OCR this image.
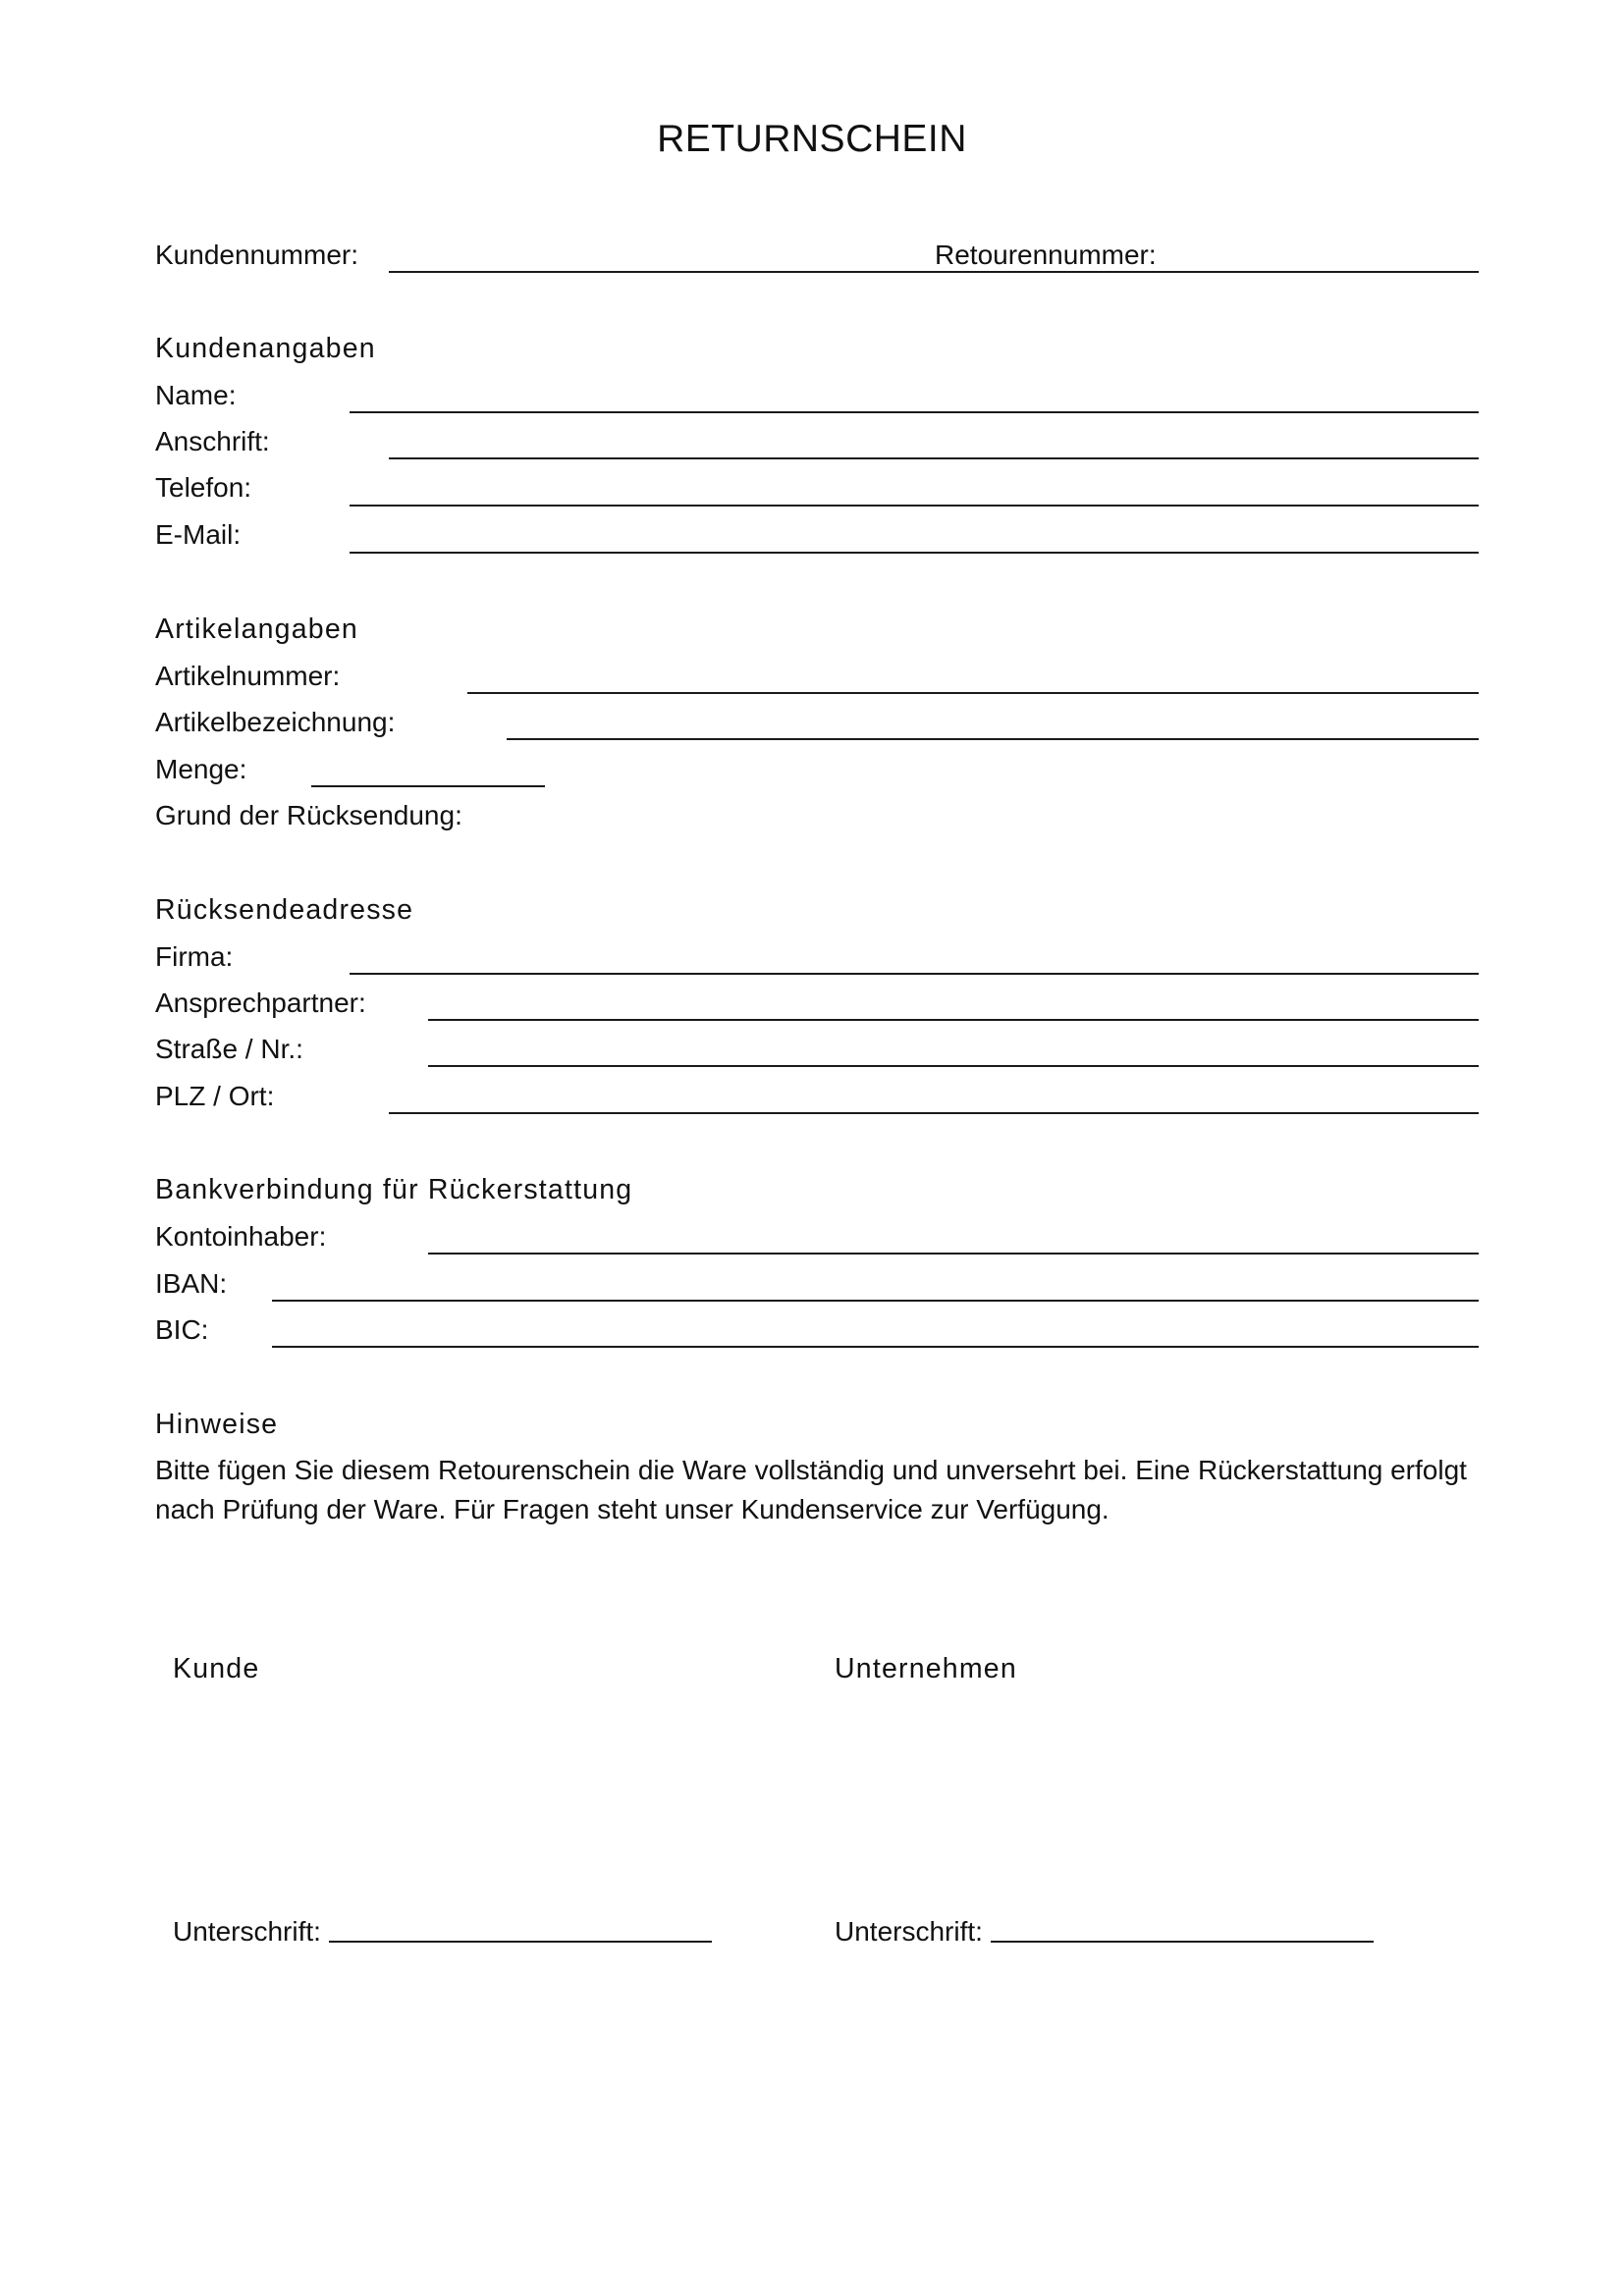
RETURNSCHEIN
Kundennummer:	Retourennummer:
Kundenangaben
Name:
Anschrift:
Telefon:
E-Mail:
Artikelangaben
Artikelnummer:
Artikelbezeichnung:
Menge:
Grund der Rücksendung:
Rücksendeadresse
Firma:
Ansprechpartner:
Straße / Nr.:
PLZ / Ort:
Bankverbindung für Rückerstattung
Kontoinhaber:
IBAN:
BIC:
Hinweise
Bitte fügen Sie diesem Retourenschein die Ware vollständig und unversehrt bei. Eine Rückerstattung erfolgt nach Prüfung der Ware. Für Fragen steht unser Kundenservice zur Verfügung.
Kunde	Unternehmen
Unterschrift:	Unterschrift:
